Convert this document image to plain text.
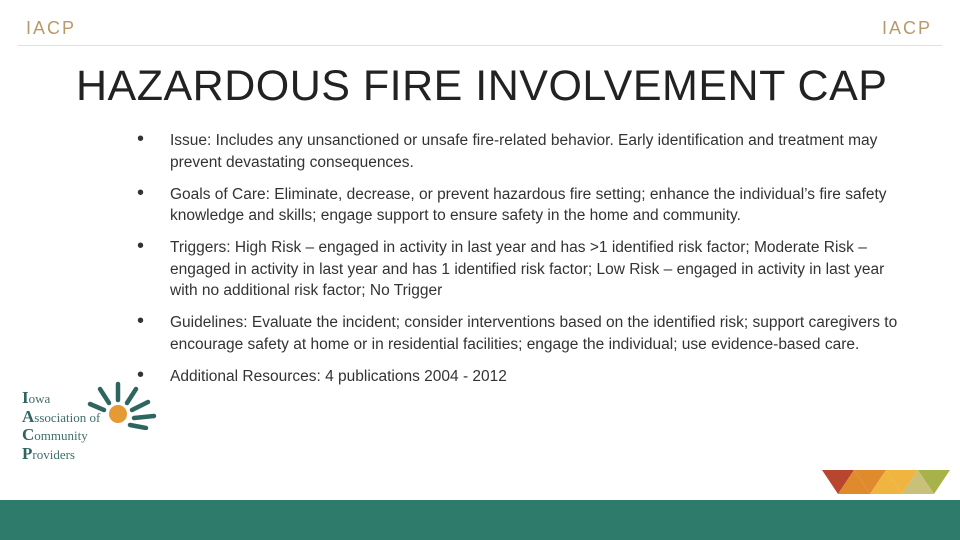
IACP	IACP
HAZARDOUS FIRE INVOLVEMENT CAP
• Issue: Includes any unsanctioned or unsafe fire-related behavior. Early identification and treatment may prevent devastating consequences.
• Goals of Care: Eliminate, decrease, or prevent hazardous fire setting; enhance the individual’s fire safety knowledge and skills; engage support to ensure safety in the home and community.
• Triggers: High Risk – engaged in activity in last year and has >1 identified risk factor; Moderate Risk – engaged in activity in last year and has 1 identified risk factor; Low Risk – engaged in activity in last year with no additional risk factor; No Trigger
• Guidelines: Evaluate the incident; consider interventions based on the identified risk; support caregivers to encourage safety at home or in residential facilities; engage the individual; use evidence-based care.
• Additional Resources: 4 publications 2004 - 2012
Iowa
Association of
Community
Providers
